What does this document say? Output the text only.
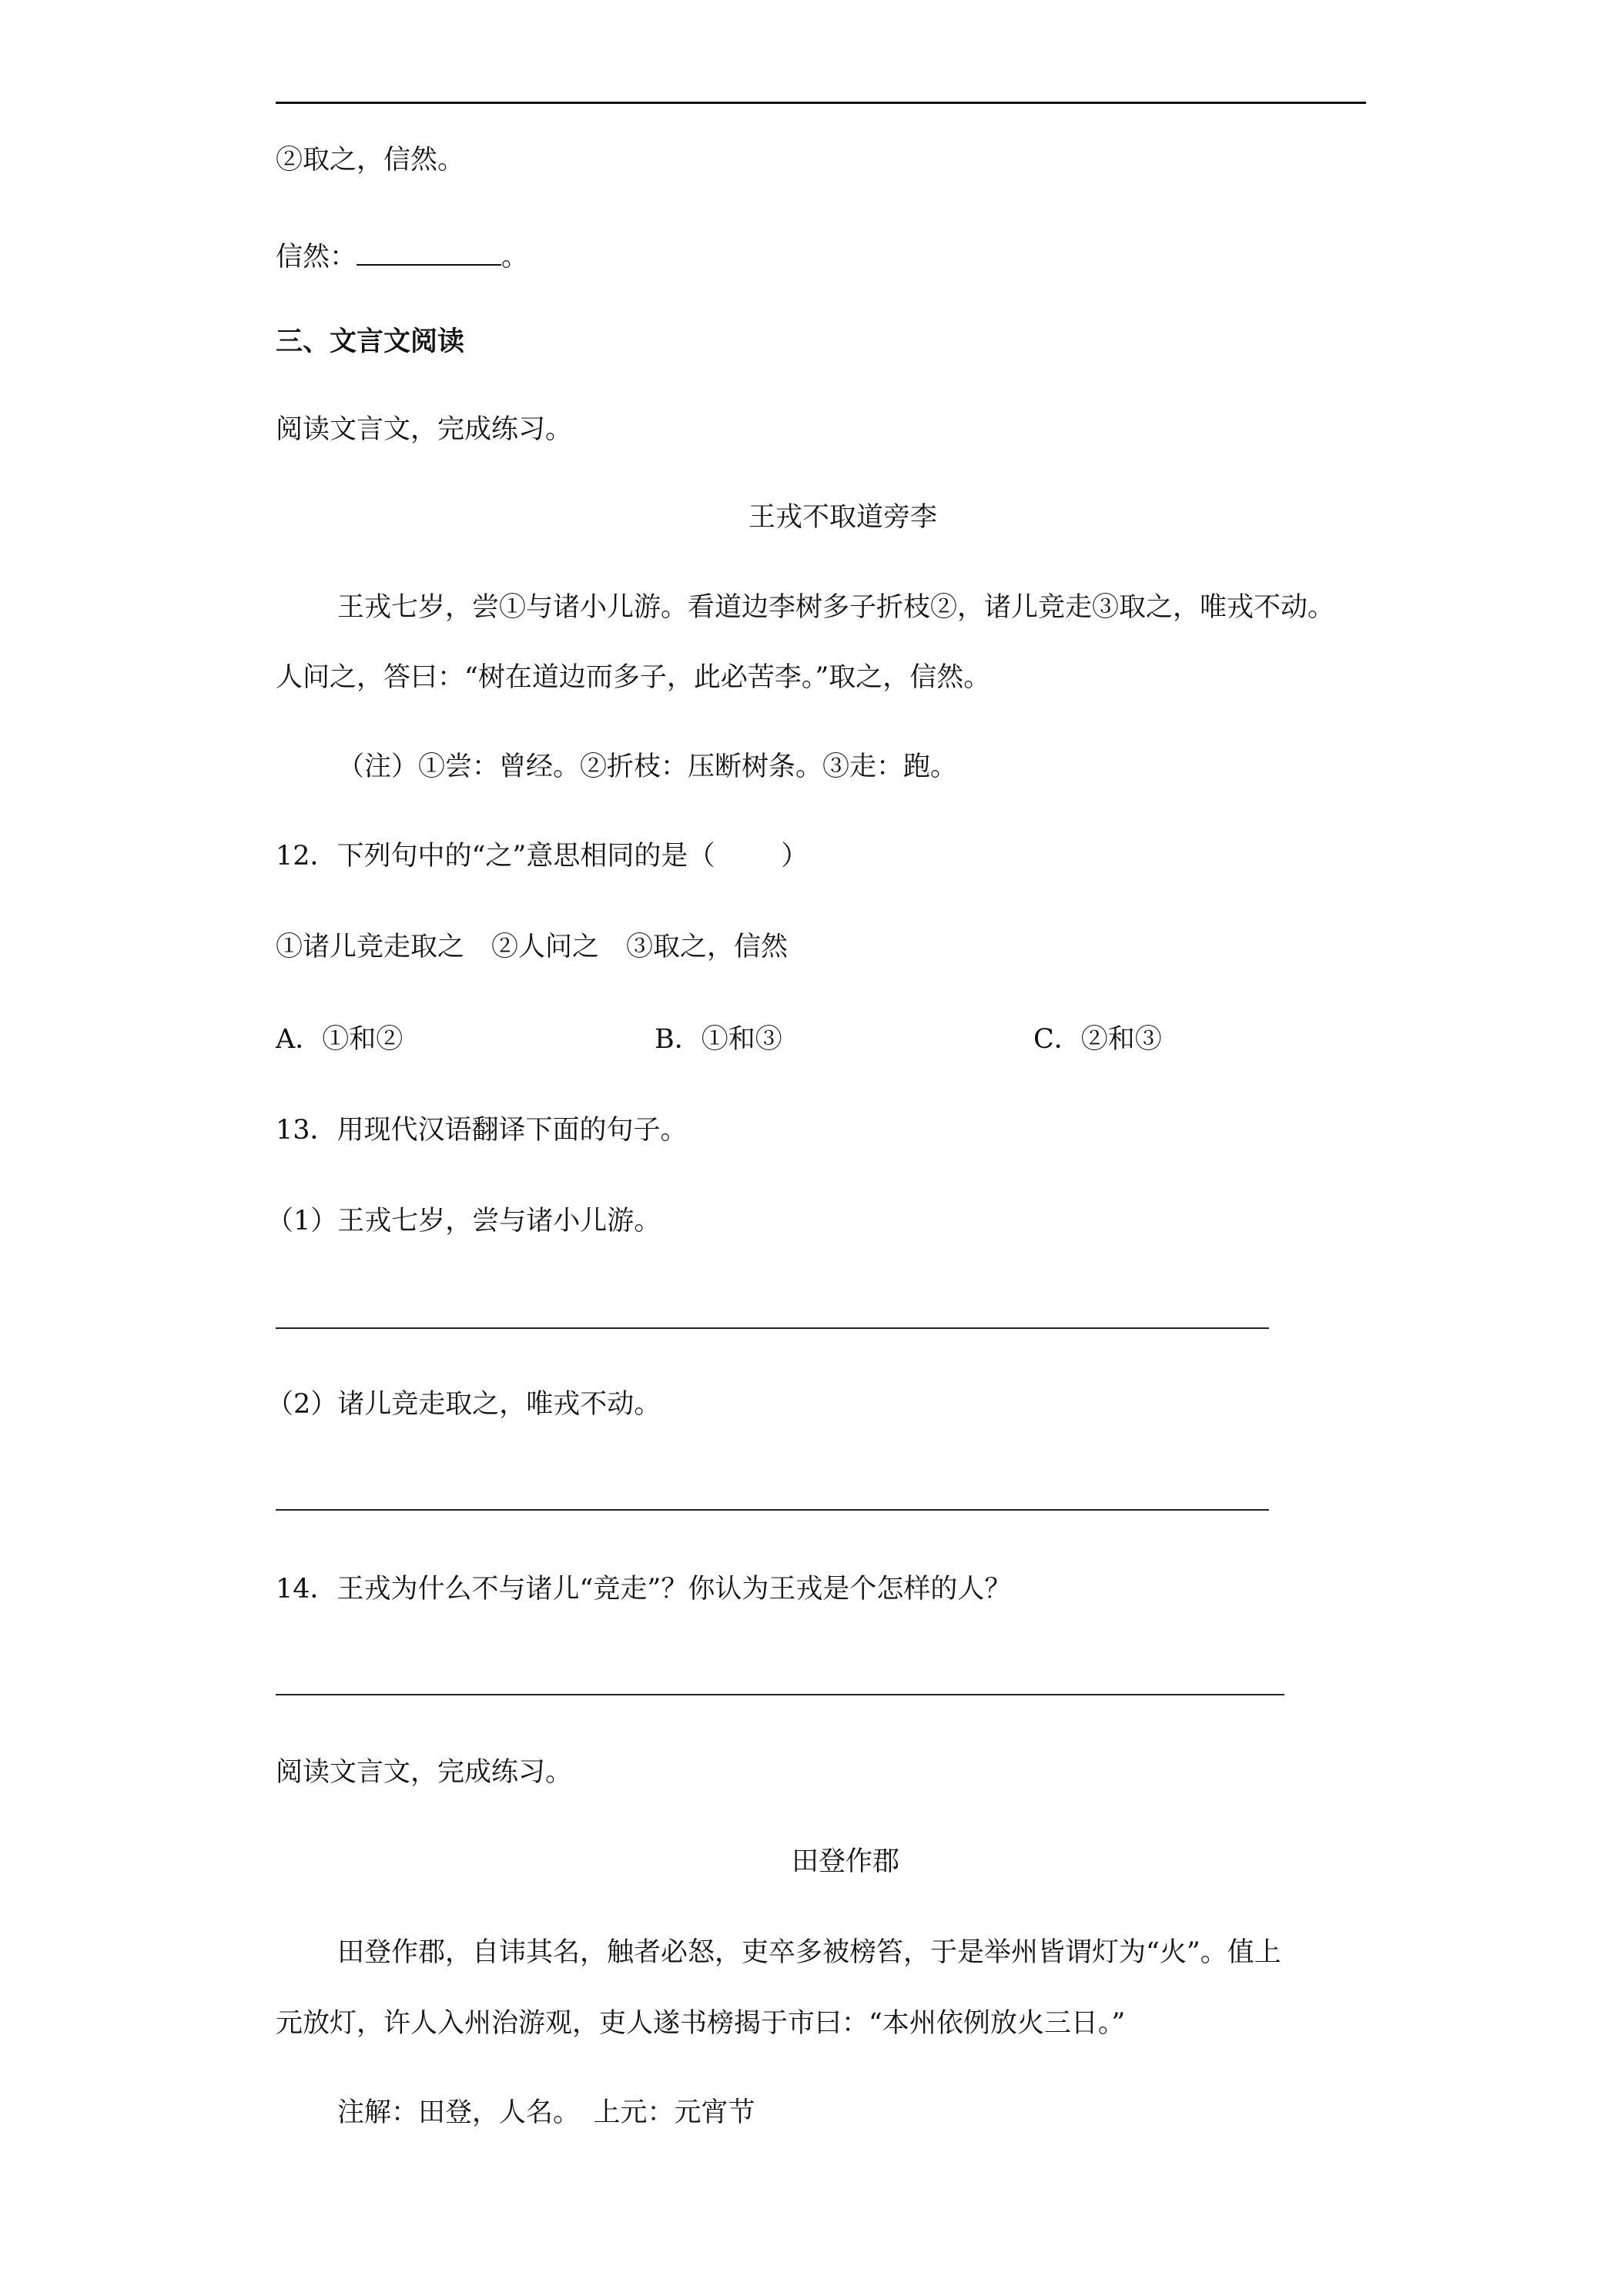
②取之，信然。
信然：	。
三、文言文阅读
阅读文言文，完成练习。
王戎不取道旁李
王戎七岁，尝①与诸小儿游。看道边李树多子折枝②，诸儿竞走③取之，唯戎不动。
人问之，答曰：“树在道边而多子，此必苦李。”取之，信然。
（注）①尝：曾经。②折枝：压断树条。③走：跑。
12．下列句中的“之”意思相同的是（ ）
①诸儿竞走取之　②人问之　③取之，信然
A．①和②	B．①和③	C．②和③
13．用现代汉语翻译下面的句子。
（1）王戎七岁，尝与诸小儿游。
（2）诸儿竞走取之，唯戎不动。
14．王戎为什么不与诸儿“竞走”？你认为王戎是个怎样的人？
阅读文言文，完成练习。
田登作郡
田登作郡，自讳其名，触者必怒，吏卒多被榜笞，于是举州皆谓灯为“火”。值上
元放灯，许人入州治游观，吏人遂书榜揭于市曰：“本州依例放火三日。”
注解：田登，人名。　上元：元宵节
